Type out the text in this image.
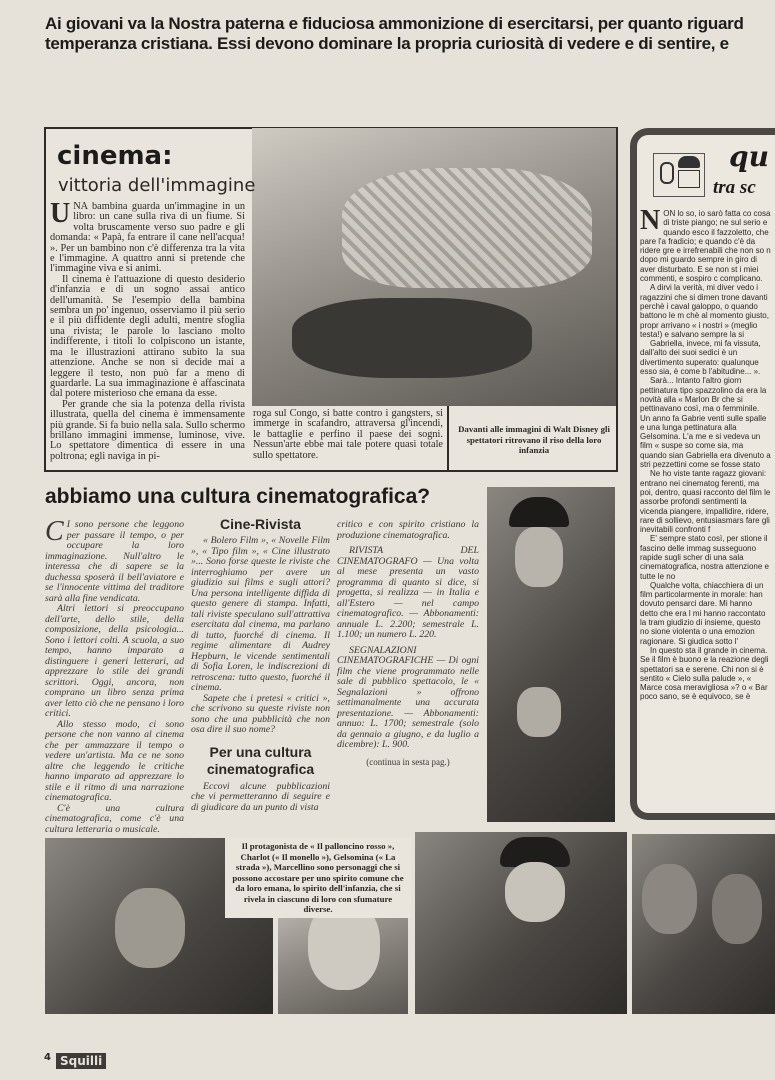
Ai giovani va la Nostra paterna e fiduciosa ammonizione di esercitarsi, per quanto riguard
temperanza cristiana. Essi devono dominare la propria curiosità di vedere e di sentire, e
cinema:
vittoria dell'immagine

UNA bambina guarda un'immagine in un libro: un cane sulla riva di un fiume. Si volta bruscamente verso suo padre e gli domanda: « Papà, fa entrare il cane nell'acqua! ». Per un bambino non c'è differenza tra la vita e l'immagine. A quattro anni si pretende che l'immagine viva e si animi.

Il cinema è l'attuazione di questo desiderio d'infanzia e di un sogno assai antico dell'umanità. Se l'esempio della bambina sembra un po' ingenuo, osserviamo il più serio e il più diffidente degli adulti, mentre sfoglia una rivista; le parole lo lasciano molto indifferente, i titoli lo colpiscono un istante, ma le illustrazioni attirano subito la sua attenzione. Anche se non si decide mai a leggere il testo, non può far a meno di guardarle. La sua immaginazione è affascinata dal potere misterioso che emana da esse.

Per grande che sia la potenza della rivista illustrata, quella del cinema è immensamente più grande. Si fa buio nella sala. Sullo schermo brillano immagini immense, luminose, vive. Lo spettatore dimentica di essere in una poltrona; egli naviga in pi-

roga sul Congo, si batte contro i gangsters, si immerge in scafandro, attraversa gl'incendi, le battaglie e perfino il paese dei sogni. Nessun'arte ebbe mai tale potere quasi totale sullo spettatore.
Davanti alle immagini di Walt Disney gli spettatori ritrovano il riso della loro infanzia
qu
tra sc

NON lo so, io sarò fatta co cosa di triste piango; ne sul serio e quando esco il fazzoletto, che pare l'a fradicio; e quando c'è da ridere gre e irrefrenabili che non so n dopo mi guardo sempre in giro di aver disturbato. E se non st i miei commenti, e sospiro c complicano.

A dirvi la verità, mi diver vedo i ragazzini che si dimen trone davanti perchè i caval galoppo, o quando battono le m chè al momento giusto, propr arrivano « i nostri » (meglio testa!) e salvano sempre la si

Gabriella, invece, mi fa vissuta, dall'alto dei suoi sedici è un divertimento superato: qualunque esso sia, è come b l'abitudine... ».

Sarà... Intanto l'altro giorn pettinatura tipo spazzolino da era la novità alla « Marlon Br che si pettinavano così, ma o femminile. Un anno fa Gabrie venti sulle spalle e una lunga pettinatura alla Gelsomina. L'a me e si vedeva un film « suspe so come sia, ma quando sian Gabriella era divenuto a stri pezzettini come se fosse stato

Ne ho viste tante ragazz giovani: entrano nei cinematog ferenti, ma poi, dentro, quasi racconto del film le assorbe profondi sentimenti la vicenda piangere, impallidire, ridere, rare di sollievo, entusiasmars fare gli inevitabili confronti f

E' sempre stato così, per stione il fascino delle immag susseguono rapide sugli scher di una sala cinematografica, nostra attenzione e tutte le no

Qualche volta, chiacchiera di un film particolarmente in morale: han dovuto pensarci dare. Mi hanno detto che era l mi hanno raccontato la tram giudizio di insieme, questo no sione violenta o una emozion ragionare. Si giudica sotto l'

In questo sta il grande in cinema. Se il film è buono e la reazione degli spettatori sa e serene. Chi non si è sentito « Cielo sulla palude », « Marce cosa meravigliosa »? o « Bar poco sano, se è equivoco, se è

abbiamo una cultura cinematografica?

C I sono persone che leggono per passare il tempo, o per occupare la loro immaginazione. Null'altro le interessa che di sapere se la duchessa sposerà il bell'aviatore e se l'innocente vittima del traditore sarà alla fine vendicata.

Altri lettori si preoccupano dell'arte, dello stile, della composizione, della psicologia... Sono i lettori colti. A scuola, a suo tempo, hanno imparato a distinguere i generi letterari, ad apprezzare lo stile dei grandi scrittori. Oggi, ancora, non comprano un libro senza prima aver letto ciò che ne pensano i loro critici.

Allo stesso modo, ci sono persone che non vanno al cinema che per ammazzare il tempo o vedere un'artista. Ma ce ne sono altre che leggendo le critiche hanno imparato ad apprezzare lo stile e il ritmo di una narrazione cinematografica.

C'è una cultura cinematografica, come c'è una cultura letteraria o musicale.

Cine-Rivista

« Bolero Film », « Novelle Film », « Tipo film », « Cine illustrato »... Sono forse queste le riviste che interroghiamo per avere un giudizio sui films e sugli attori? Una persona intelligente diffida di questo genere di stampa. Infatti, tali riviste speculano sull'attrattiva esercitata dal cinema, ma parlano di tutto, fuorché di cinema. Il regime alimentare di Audrey Hepburn, le vicende sentimentali di Sofia Loren, le indiscrezioni di retroscena: tutto questo, fuorché il cinema.

Sapete che i pretesi « critici », che scrivono su queste riviste non sono che una pubblicità che non osa dire il suo nome?

Per una cultura cinematografica

Eccovi alcune pubblicazioni che vi permetteranno di seguire e di giudicare da un punto di vista

critico e con spirito cristiano la produzione cinematografica.

RIVISTA DEL CINEMATOGRAFO — Una volta al mese presenta un vasto programma di quanto si dice, si progetta, si realizza — in Italia e all'Estero — nel campo cinematografico. — Abbonamenti: annuale L. 2.200; semestrale L. 1.100; un numero L. 220.

SEGNALAZIONI CINEMATOGRAFICHE — Di ogni film che viene programmato nelle sale di pubblico spettacolo, le « Segnalazioni » offrono settimanalmente una accurata presentazione. — Abbonamenti: annuo: L. 1700; semestrale (solo da gennaio a giugno, e da luglio a dicembre): L. 900.

(continua in sesta pag.)
Il protagonista de « Il palloncino rosso », Charlot (« Il monello »), Gelsomina (« La strada »), Marcellino sono personaggi che si possono accostare per uno spirito comune che da loro emana, lo spirito dell'infanzia, che si rivela in ciascuno di loro con sfumature diverse.
4 Squilli
